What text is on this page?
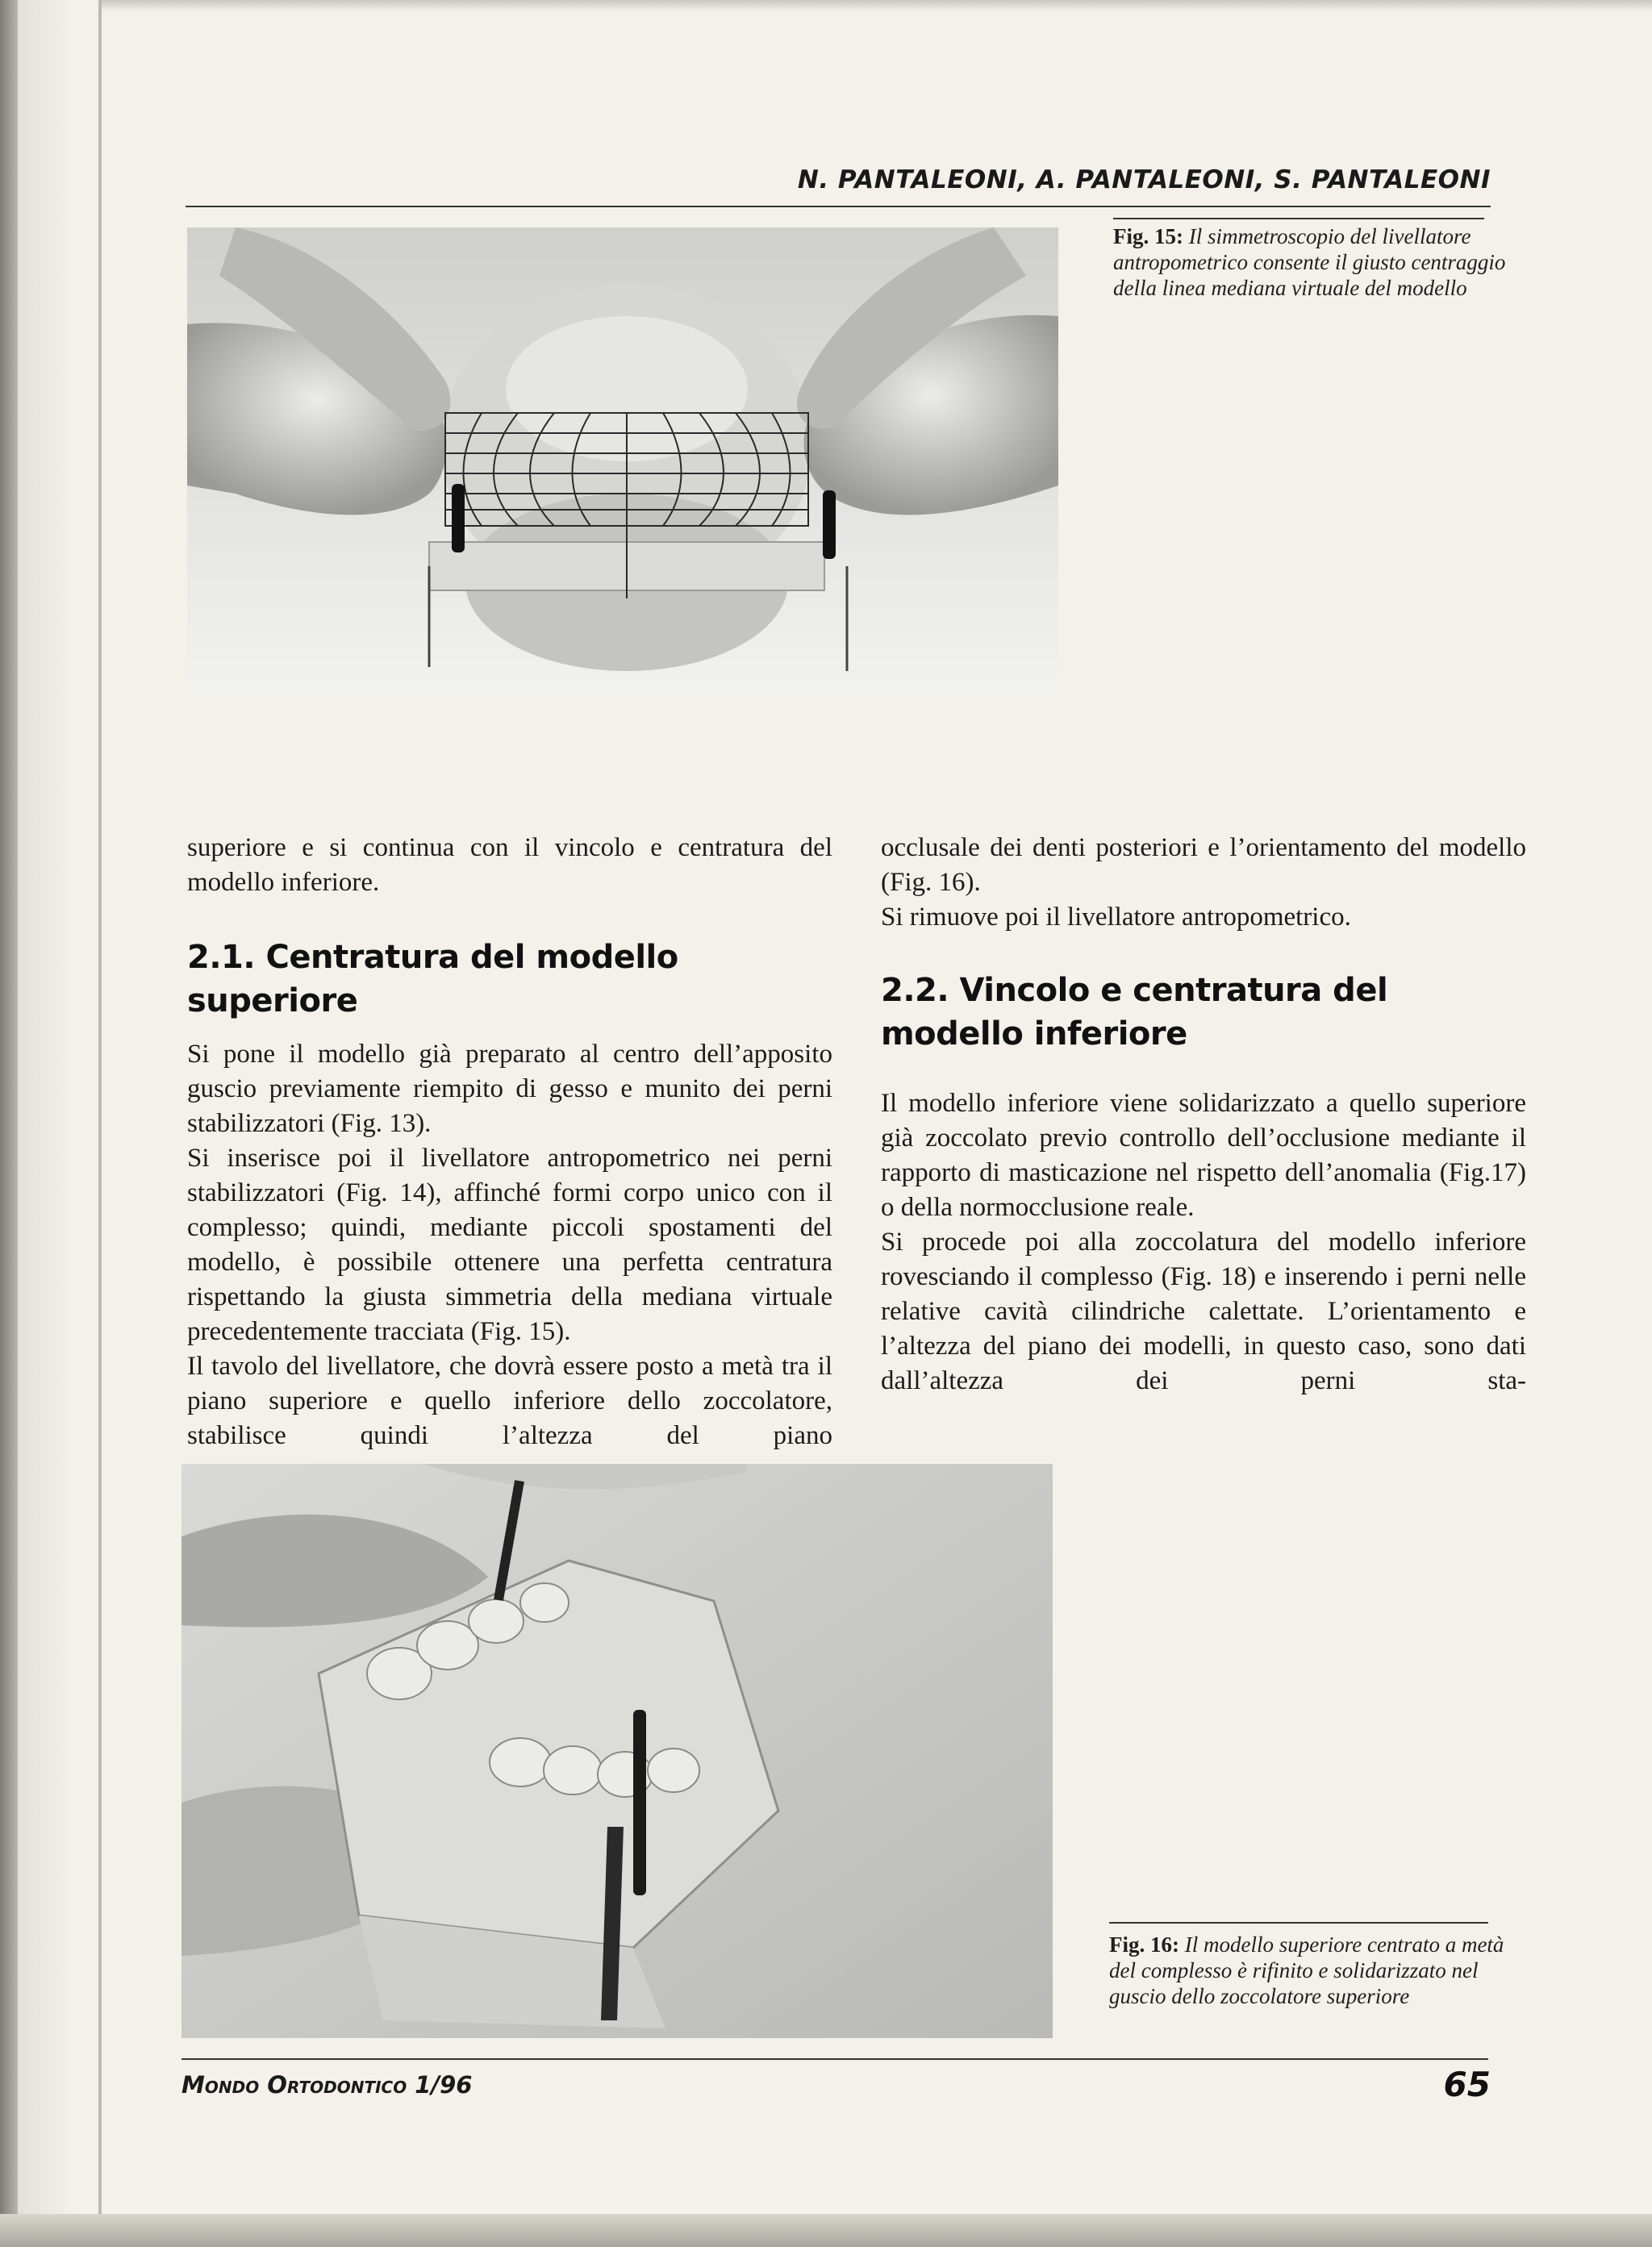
N. PANTALEONI, A. PANTALEONI, S. PANTALEONI

Fig. 15: Il simmetroscopio del livellatore antropometrico consente il giusto centraggio della linea mediana virtuale del modello

superiore e si continua con il vincolo e centratura del modello inferiore.

2.1. Centratura del modello superiore

Si pone il modello già preparato al centro dell’apposito guscio previamente riempito di gesso e munito dei perni stabilizzatori (Fig. 13).

Si inserisce poi il livellatore antropometrico nei perni stabilizzatori (Fig. 14), affinché formi corpo unico con il complesso; quindi, mediante piccoli spostamenti del modello, è possibile ottenere una perfetta centratura rispettando la giusta simmetria della mediana virtuale precedentemente tracciata (Fig. 15).

Il tavolo del livellatore, che dovrà essere posto a metà tra il piano superiore e quello inferiore dello zoccolatore, stabilisce quindi l’altezza del piano

occlusale dei denti posteriori e l’orientamento del modello (Fig. 16).

Si rimuove poi il livellatore antropometrico.

2.2. Vincolo e centratura del modello inferiore

Il modello inferiore viene solidarizzato a quello superiore già zoccolato previo controllo dell’occlusione mediante il rapporto di masticazione nel rispetto dell’anomalia (Fig.17) o della normocclusione reale.

Si procede poi alla zoccolatura del modello inferiore rovesciando il complesso (Fig. 18) e inserendo i perni nelle relative cavità cilindriche calettate. L’orientamento e l’altezza del piano dei modelli, in questo caso, sono dati dall’altezza dei perni sta-

Fig. 16: Il modello superiore centrato a metà del complesso è rifinito e solidarizzato nel guscio dello zoccolatore superiore

Mondo Ortodontico 1/96	65
